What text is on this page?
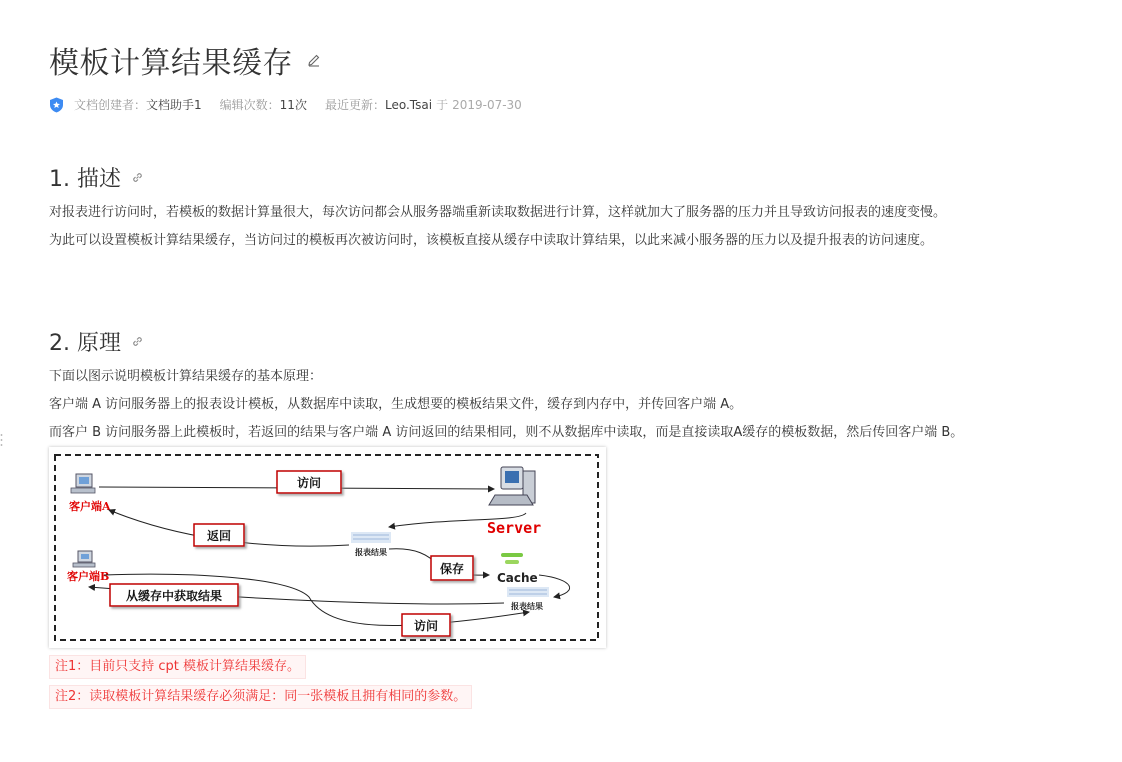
模板计算结果缓存
文档创建者： 文档助手1 编辑次数： 11次 最近更新： Leo.Tsai 于 2019-07-30
1. 描述
对报表进行访问时，若模板的数据计算量很大，每次访问都会从服务器端重新读取数据进行计算，这样就加大了服务器的压力并且导致访问报表的速度变慢。
为此可以设置模板计算结果缓存，当访问过的模板再次被访问时，该模板直接从缓存中读取计算结果，以此来减小服务器的压力以及提升报表的访问速度。
2. 原理
下面以图示说明模板计算结果缓存的基本原理：
客户端 A 访问服务器上的报表设计模板，从数据库中读取，生成想要的模板结果文件，缓存到内存中，并传回客户端 A。
而客户 B 访问服务器上此模板时，若返回的结果与客户端 A 访问返回的结果相同，则不从数据库中读取，而是直接读取A缓存的模板数据，然后传回客户端 B。
客户端A
客户端B
Server
Cache
报表结果
报表结果
访问
返回
保存
从缓存中获取结果
访问
注1：目前只支持 cpt 模板计算结果缓存。
注2：读取模板计算结果缓存必须满足：同一张模板且拥有相同的参数。
